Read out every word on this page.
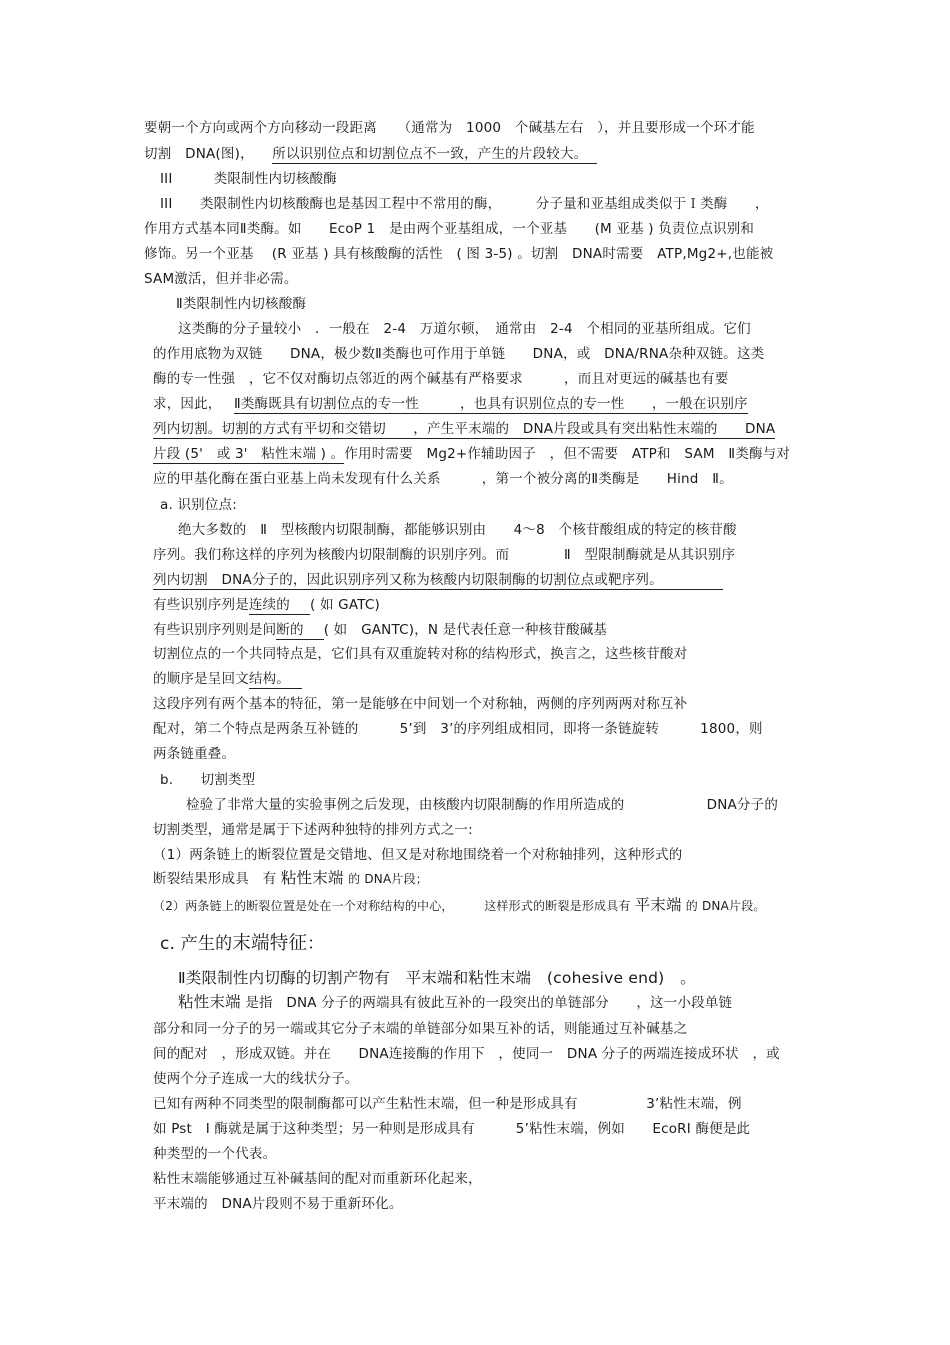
要朝一个方向或两个方向移动一段距离　　（通常为　1000　个碱基左右　），并且要形成一个环才能
切割　DNA(图)， 所以识别位点和切割位点不一致，产生的片段较大。
III　　　类限制性内切核酸酶
III　　类限制性内切核酸酶也是基因工程中不常用的酶，　　　分子量和亚基组成类似于Ｉ类酶　　，
作用方式基本同Ⅱ类酶。如　　EcoP 1　是由两个亚基组成，一个亚基　　(M 亚基 ) 负责位点识别和
修饰。另一个亚基　 (R 亚基 ) 具有核酸酶的活性　( 图 3-5) 。切割　DNA时需要　ATP,Mg2+,也能被
SAM激活，但并非必需。
Ⅱ类限制性内切核酸酶
这类酶的分子量较小　．一般在　2-4　万道尔顿，　通常由　2-4　个相同的亚基所组成。它们
的作用底物为双链　　DNA，极少数Ⅱ类酶也可作用于单链　　DNA，或　DNA/RNA杂种双链。这类
酶的专一性强　，它不仅对酶切点邻近的两个碱基有严格要求　　　，而且对更远的碱基也有要
求，因此， Ⅱ类酶既具有切割位点的专一性　　　，也具有识别位点的专一性　　，一般在识别序
列内切割。切割的方式有平切和交错切　　，产生平末端的　DNA片段或具有突出粘性末端的　　DNA
片段 (5'　或 3'　粘性末端 ) 。作用时需要　Mg2+作辅助因子　，但不需要　ATP和　SAM　Ⅱ类酶与对
应的甲基化酶在蛋白亚基上尚未发现有什么关系　　　，第一个被分离的Ⅱ类酶是　　Hind　Ⅱ。
a. 识别位点:
绝大多数的　Ⅱ　型核酸内切限制酶，都能够识别由　　4～8　个核苷酸组成的特定的核苷酸
序列。我们称这样的序列为核酸内切限制酶的识别序列。而　　　　Ⅱ　型限制酶就是从其识别序
列内切割　DNA分子的，因此识别序列又称为核酸内切限制酶的切割位点或靶序列。
有些识别序列是连续的 ( 如 GATC)
有些识别序列则是间断的 ( 如　GANTC)，N 是代表任意一种核苷酸碱基
切割位点的一个共同特点是，它们具有双重旋转对称的结构形式，换言之，这些核苷酸对
的顺序是呈回文结构。
这段序列有两个基本的特征，第一是能够在中间划一个对称轴，两侧的序列两两对称互补
配对，第二个特点是两条互补链的　　　5’到　3’的序列组成相同，即将一条链旋转　　　1800，则
两条链重叠。
b.　　切割类型
检验了非常大量的实验事例之后发现，由核酸内切限制酶的作用所造成的　　　　　　DNA分子的
切割类型，通常是属于下述两种独特的排列方式之一:
（1）两条链上的断裂位置是交错地、但又是对称地围绕着一个对称轴排列，这种形式的
断裂结果形成具　有 粘性末端 的 DNA片段；
（2）两条链上的断裂位置是处在一个对称结构的中心，　　　这样形式的断裂是形成具有 平末端 的 DNA片段。
c. 产生的末端特征：
Ⅱ类限制性内切酶的切割产物有　平末端和粘性末端　(cohesive end)　。
粘性末端 是指　DNA 分子的两端具有彼此互补的一段突出的单链部分　　，这一小段单链
部分和同一分子的另一端或其它分子末端的单链部分如果互补的话，则能通过互补碱基之
间的配对　，形成双链。并在　　DNA连接酶的作用下　，使同一　DNA 分子的两端连接成环状　，或
使两个分子连成一大的线状分子。
已知有两种不同类型的限制酶都可以产生粘性末端，但一种是形成具有　　　　　3’粘性末端，例
如 Pst　I 酶就是属于这种类型；另一种则是形成具有　　　5’粘性末端，例如　　EcoRⅠ 酶便是此
种类型的一个代表。
粘性末端能够通过互补碱基间的配对而重新环化起来，
平末端的　DNA片段则不易于重新环化。
